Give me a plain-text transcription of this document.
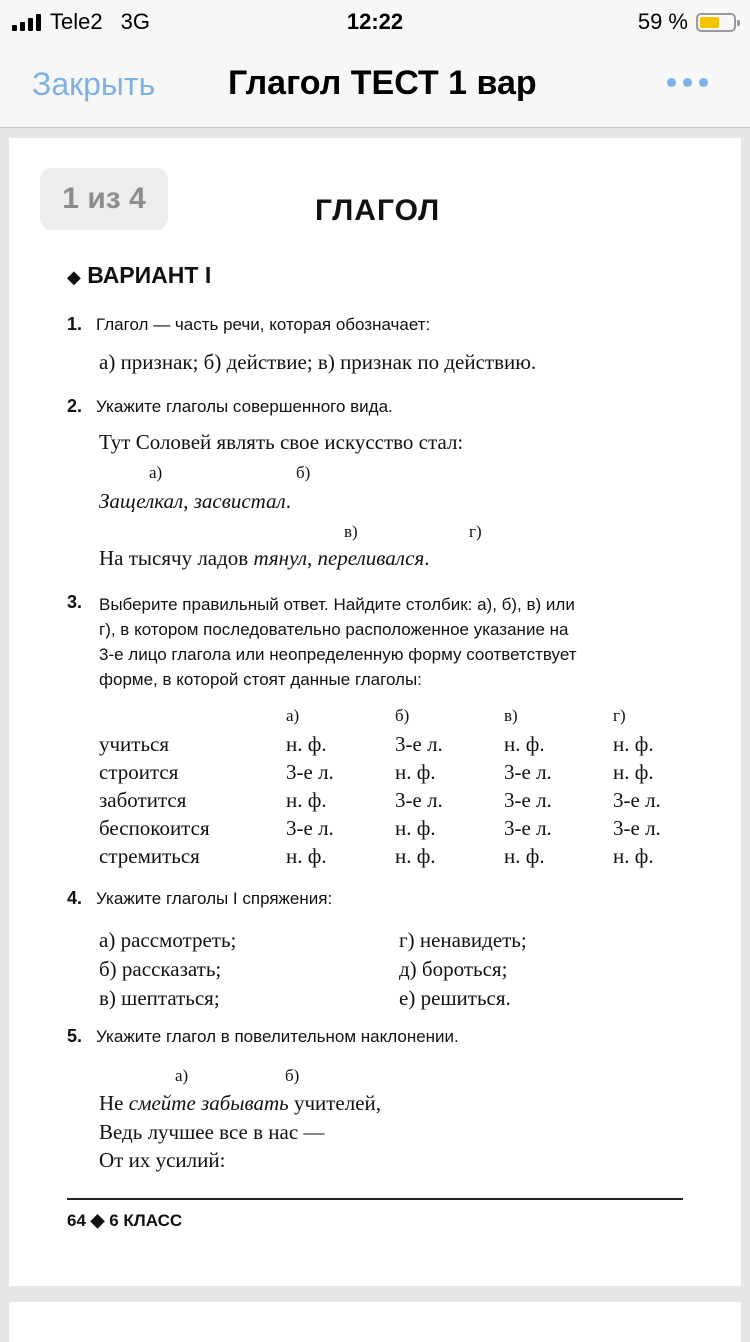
Tele2 3G	12:22	59 %
Закрыть Глагол ТЕСТ 1 вар
1 из 4	ГЛАГОЛ
◆ ВАРИАНТ I
1. Глагол — часть речи, которая обозначает:
а) признак; б) действие; в) признак по действию.
2. Укажите глаголы совершенного вида.
Тут Соловей являть свое искусство стал:
а)	б)
Защелкал, засвистал.
в)	г)
На тысячу ладов тянул, переливался.
3. Выберите правильный ответ. Найдите столбик: а), б), в) или
г), в котором последовательно расположенное указание на
3-е лицо глагола или неопределенную форму соответствует
форме, в которой стоят данные глаголы:
а)	б)	в)	г)
учиться	н. ф.	3-е л.	н. ф.	н. ф.
строится	3-е л.	н. ф.	3-е л.	н. ф.
заботится	н. ф.	3-е л.	3-е л.	3-е л.
беспокоится	3-е л.	н. ф.	3-е л.	3-е л.
стремиться	н. ф.	н. ф.	н. ф.	н. ф.
4. Укажите глаголы I спряжения:
а) рассмотреть;
б) рассказать;
в) шептаться;
г) ненавидеть;
д) бороться;
е) решиться.
5. Укажите глагол в повелительном наклонении.
а)	б)
Не смейте забывать учителей,
Ведь лучшее все в нас —
От их усилий:
64 ◆ 6 КЛАСС
